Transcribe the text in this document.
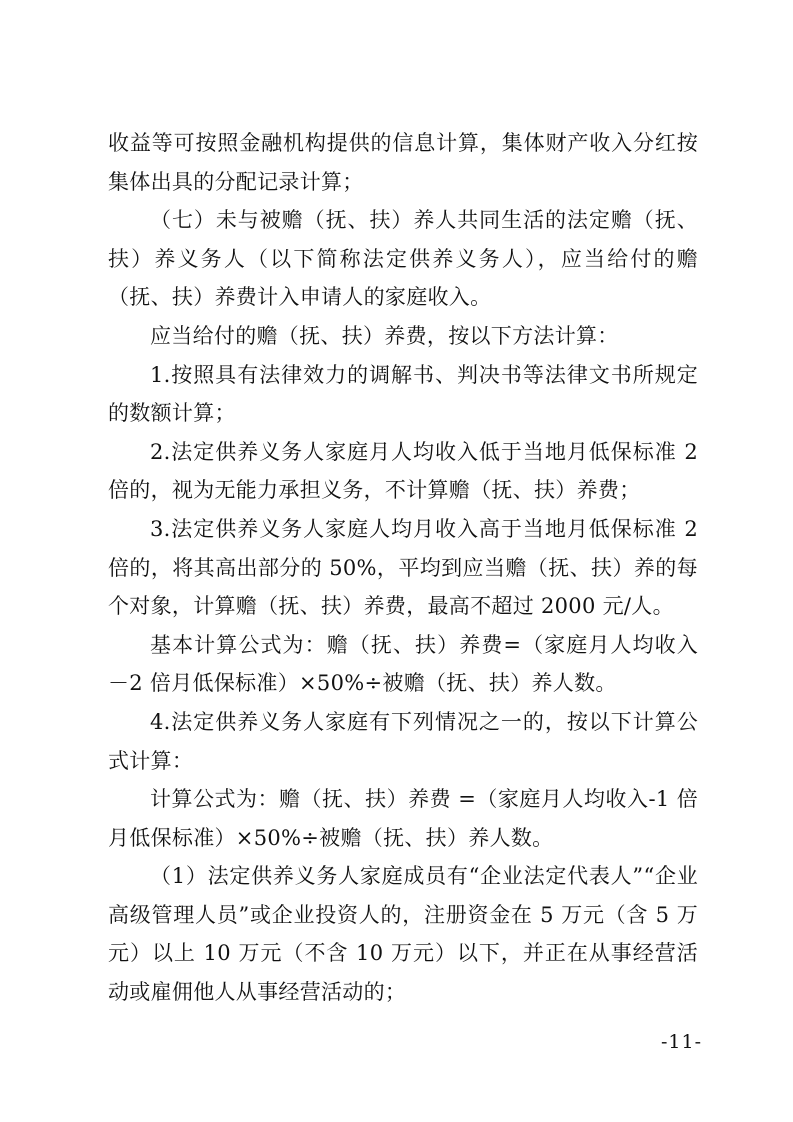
收益等可按照金融机构提供的信息计算，集体财产收入分红按集体出具的分配记录计算；

（七）未与被赡（抚、扶）养人共同生活的法定赡（抚、扶）养义务人（以下简称法定供养义务人），应当给付的赡（抚、扶）养费计入申请人的家庭收入。

应当给付的赡（抚、扶）养费，按以下方法计算：

1.按照具有法律效力的调解书、判决书等法律文书所规定的数额计算；

2.法定供养义务人家庭月人均收入低于当地月低保标准 2 倍的，视为无能力承担义务，不计算赡（抚、扶）养费；

3.法定供养义务人家庭人均月收入高于当地月低保标准 2 倍的，将其高出部分的 50%，平均到应当赡（抚、扶）养的每个对象，计算赡（抚、扶）养费，最高不超过 2000 元/人。

基本计算公式为：赡（抚、扶）养费=（家庭月人均收入－2 倍月低保标准）×50%÷被赡（抚、扶）养人数。

4.法定供养义务人家庭有下列情况之一的，按以下计算公式计算：

计算公式为：赡（抚、扶）养费 =（家庭月人均收入-1 倍月低保标准）×50%÷被赡（抚、扶）养人数。

（1）法定供养义务人家庭成员有“企业法定代表人”“企业高级管理人员”或企业投资人的，注册资金在 5 万元（含 5 万元）以上 10 万元（不含 10 万元）以下，并正在从事经营活动或雇佣他人从事经营活动的；

-11-
